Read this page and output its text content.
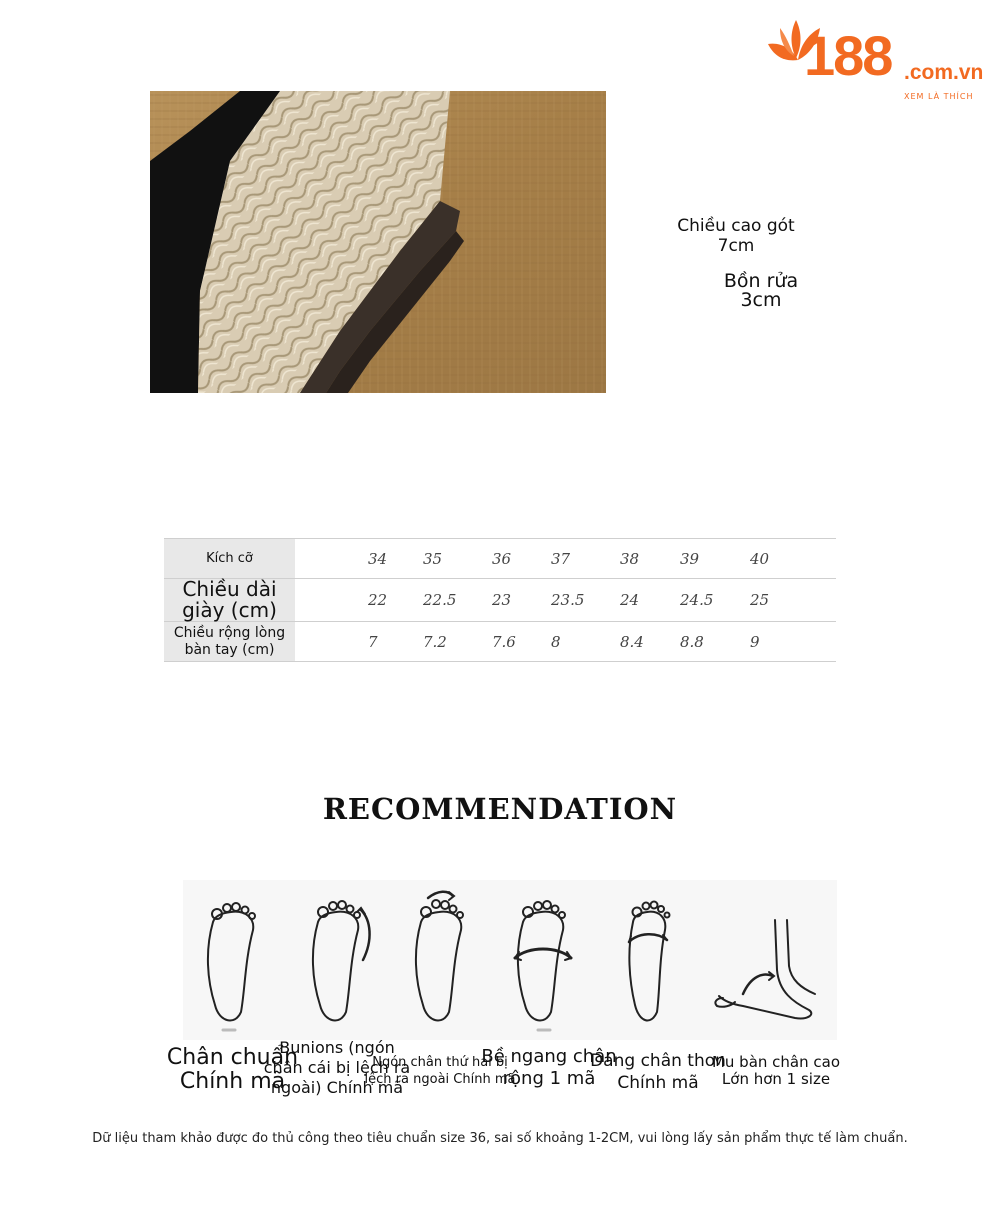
188 .com.vn
XEM LÀ THÍCH
Chiều cao gót
7cm
Bồn rửa
3cm
Kích cỡ		34	35	36	37	38	39	40
Chiều dài giày (cm)		22	22.5	23	23.5	24	24.5	25
Chiều rộng lòng bàn tay (cm)		7	7.2	7.6	8	8.4	8.8	9
RECOMMENDATION
Chân chuẩn Chính mã
Bunions (ngón chân cái bị lệch ra ngoài) Chính mã
Ngón chân thứ hai bị lệch ra ngoài Chính mã
Bề ngang chân rộng 1 mã
Dáng chân thon Chính mã
Mu bàn chân cao Lớn hơn 1 size
Dữ liệu tham khảo được đo thủ công theo tiêu chuẩn size 36, sai số khoảng 1-2CM, vui lòng lấy sản phẩm thực tế làm chuẩn.
